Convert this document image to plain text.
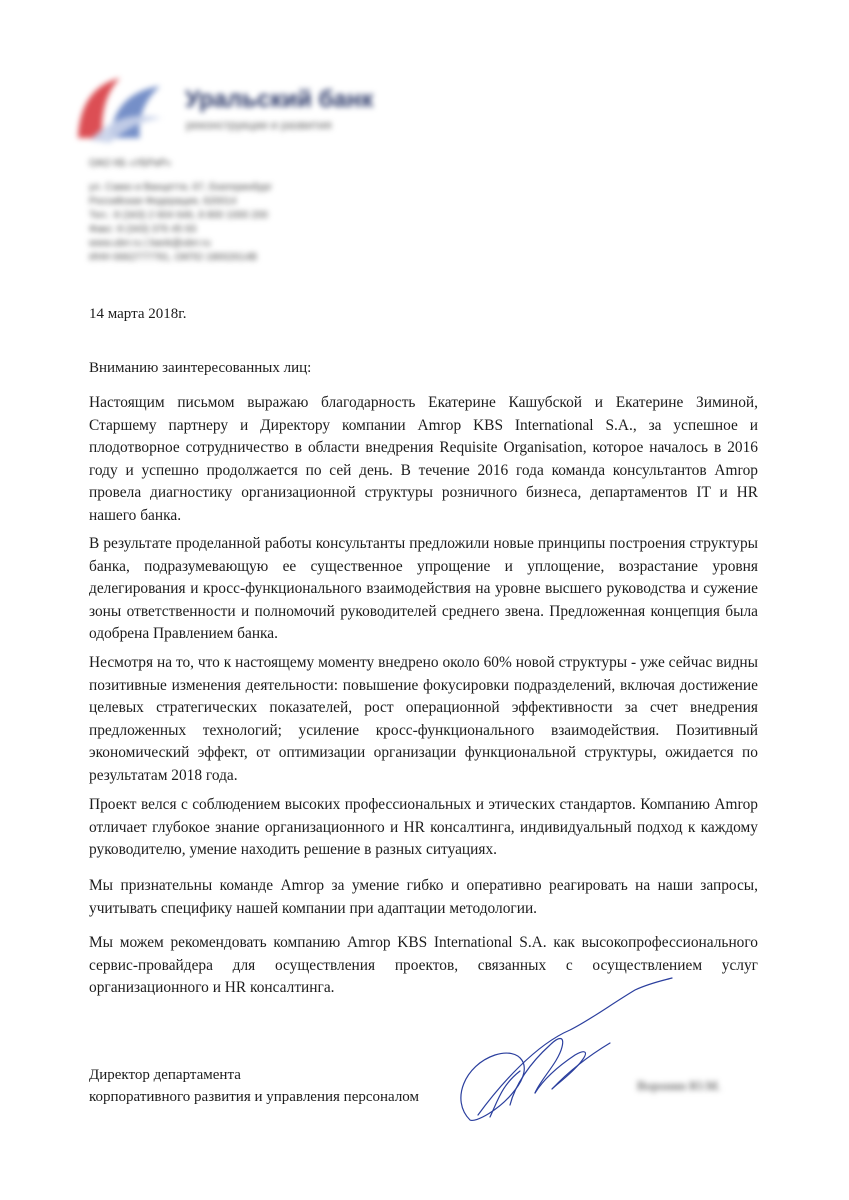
Уральский банк
реконструкции и развития
ОАО КБ «УБРиР»
ул. Сакко и Ванцетти, 67, Екатеринбург
Российская Федерация, 620014
Тел.: 8 (343) 2 604 646, 8 800 1000 200
Факс: 8 (343) 376 45 93
www.ubrr.ru | bank@ubrr.ru
ИНН 6662777791, ОКПО 18002614В
14 марта 2018г.
Вниманию заинтересованных лиц:

Настоящим письмом выражаю благодарность Екатерине Кашубской и Екатерине Зиминой, Старшему партнеру и Директору компании Amrop KBS International S.A., за успешное и плодотворное сотрудничество в области внедрения Requisite Organisation, которое началось в 2016 году и успешно продолжается по сей день. В течение 2016 года команда консультантов Amrop провела диагностику организационной структуры розничного бизнеса, департаментов IT и HR нашего банка.

В результате проделанной работы консультанты предложили новые принципы построения структуры банка, подразумевающую ее существенное упрощение и уплощение, возрастание уровня делегирования и кросс-функционального взаимодействия на уровне высшего руководства и сужение зоны ответственности и полномочий руководителей среднего звена. Предложенная концепция была одобрена Правлением банка.

Несмотря на то, что к настоящему моменту внедрено около 60% новой структуры - уже сейчас видны позитивные изменения деятельности: повышение фокусировки подразделений, включая достижение целевых стратегических показателей, рост операционной эффективности за счет внедрения предложенных технологий; усиление кросс-функционального взаимодействия. Позитивный экономический эффект, от оптимизации организации функциональной структуры, ожидается по результатам 2018 года.

Проект велся с соблюдением высоких профессиональных и этических стандартов. Компанию Amrop отличает глубокое знание организационного и HR консалтинга, индивидуальный подход к каждому руководителю, умение находить решение в разных ситуациях.

Мы признательны команде Amrop за умение гибко и оперативно реагировать на наши запросы, учитывать специфику нашей компании при адаптации методологии.

Мы можем рекомендовать компанию Amrop KBS International S.A. как высокопрофессионального сервис-провайдера для осуществления проектов, связанных с осуществлением услуг организационного и HR консалтинга.

Директор департамента
корпоративного развития и управления персоналом
Воронин Ю.М.
